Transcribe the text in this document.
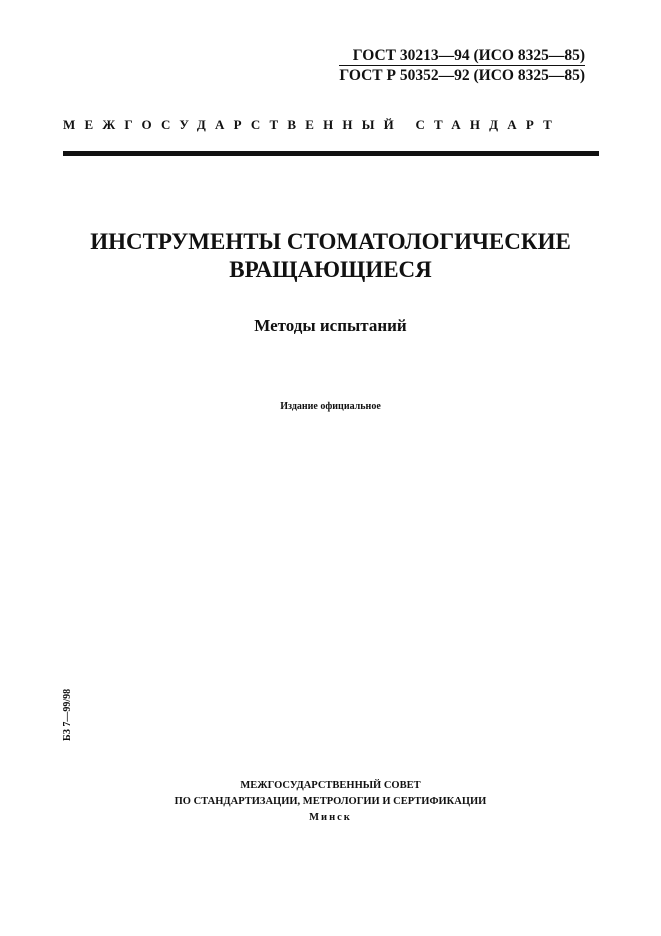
ГОСТ 30213—94 (ИСО 8325—85)
ГОСТ Р 50352—92 (ИСО 8325—85)
МЕЖГОСУДАРСТВЕННЫЙ СТАНДАРТ
ИНСТРУМЕНТЫ СТОМАТОЛОГИЧЕСКИЕ
ВРАЩАЮЩИЕСЯ
Методы испытаний
Издание официальное
БЗ 7—99/98
МЕЖГОСУДАРСТВЕННЫЙ СОВЕТ
ПО СТАНДАРТИЗАЦИИ, МЕТРОЛОГИИ И СЕРТИФИКАЦИИ
Минск
